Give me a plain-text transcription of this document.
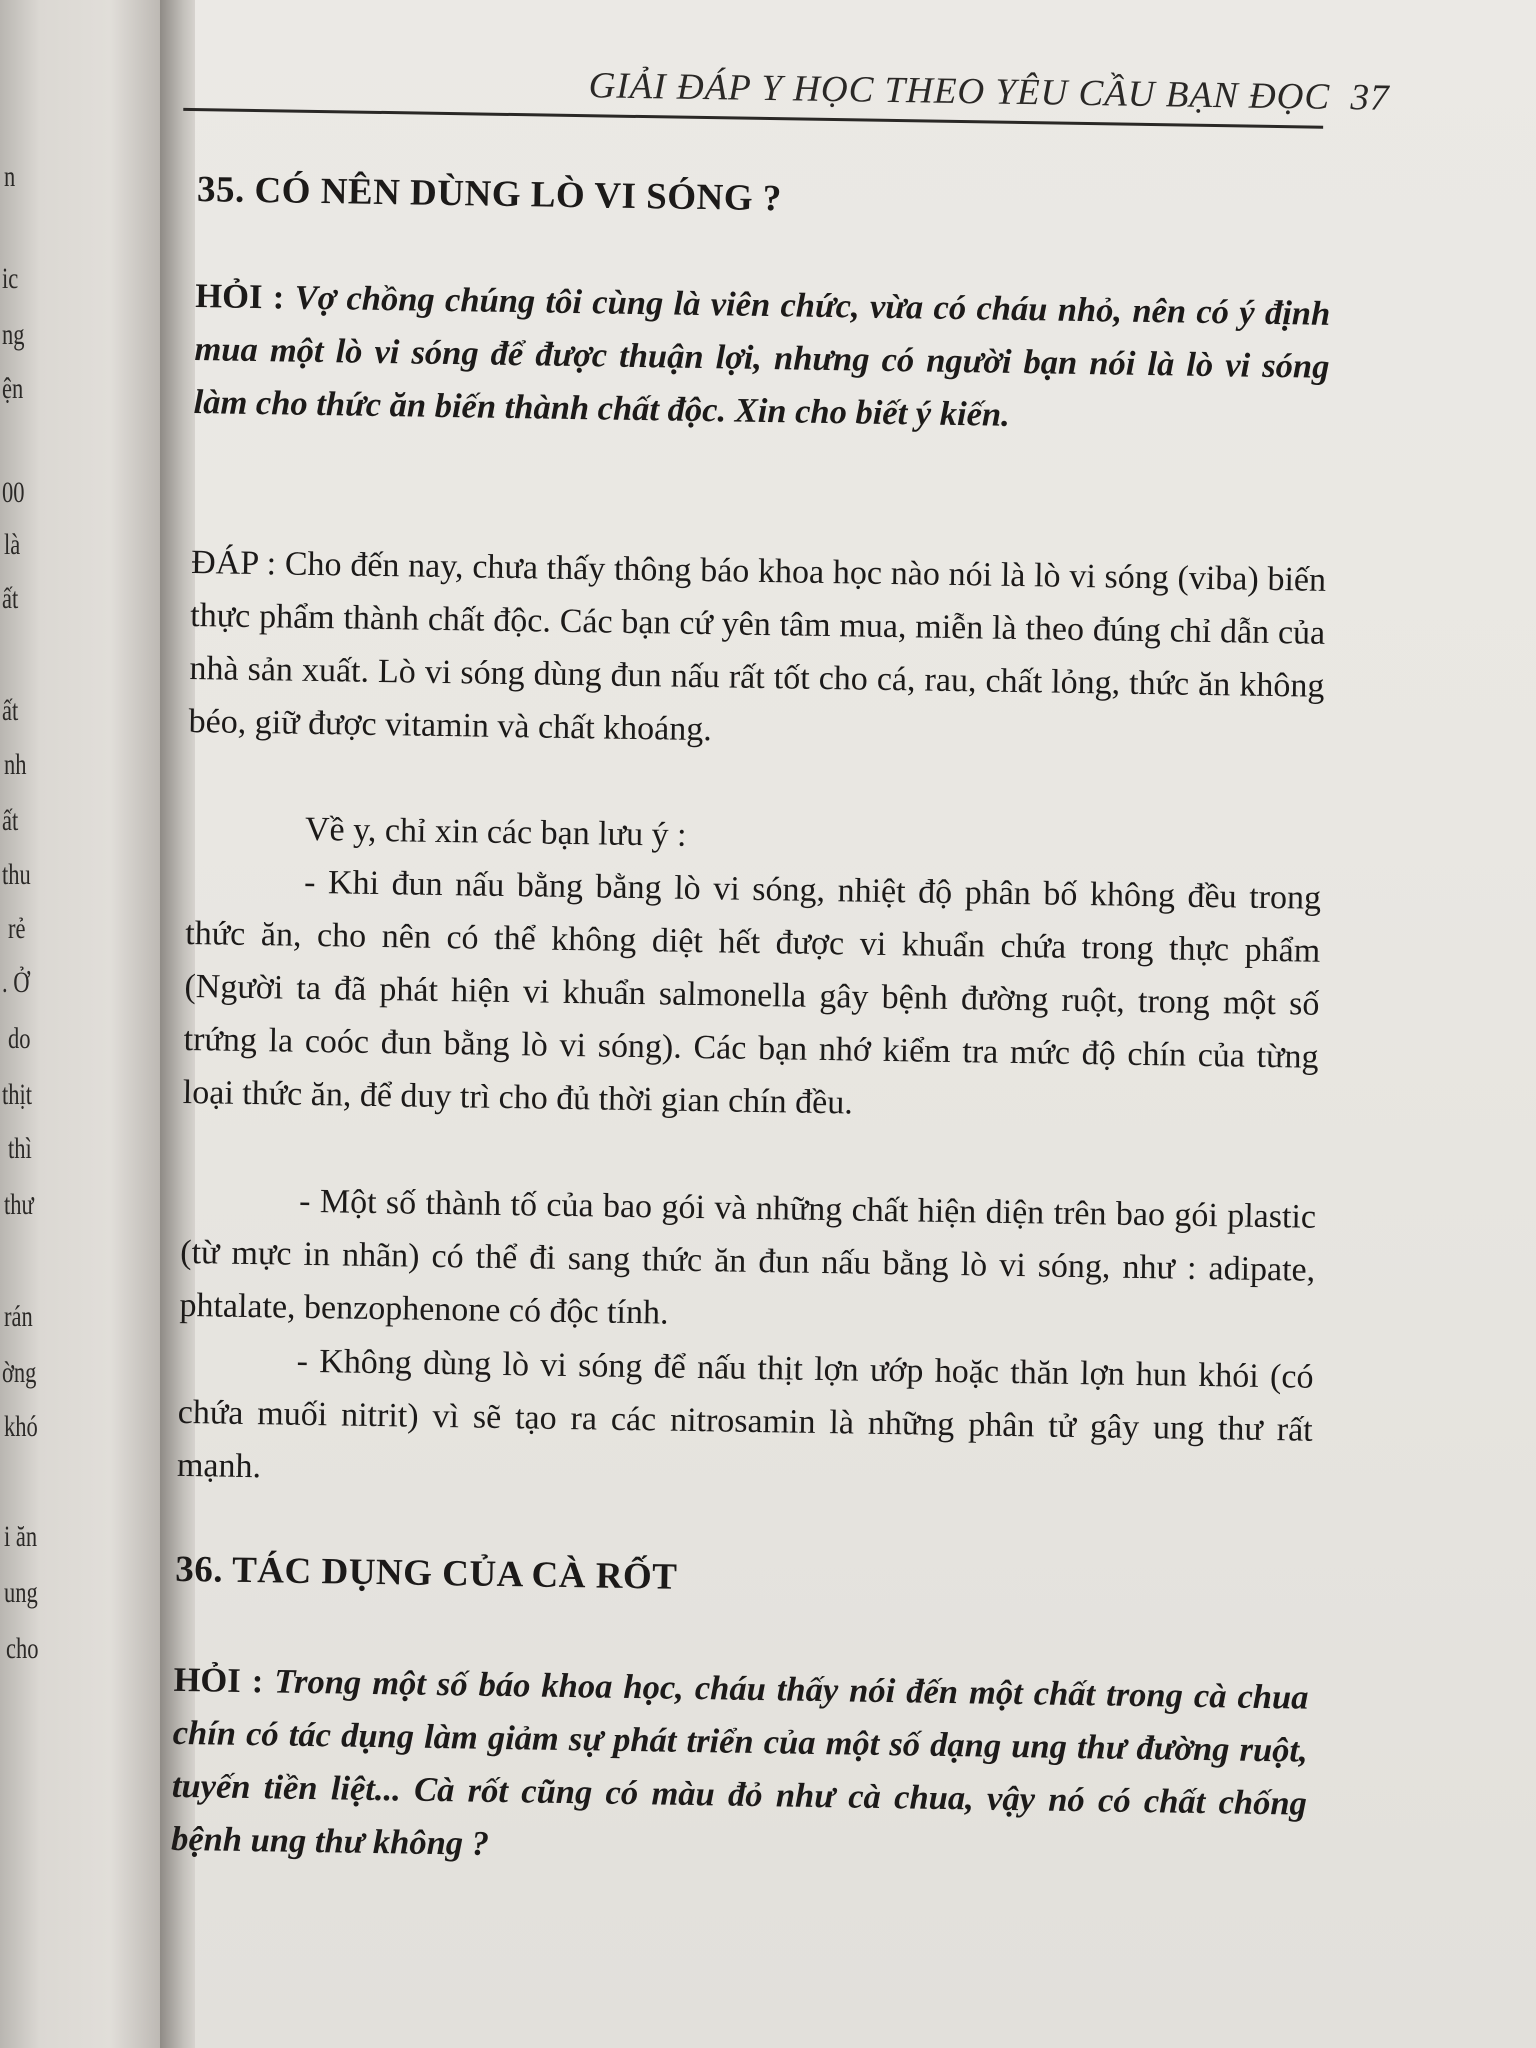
n
ic
ng
ện
00
là
ất
ất
nh
ất
thu
rẻ
. Ở
do
thịt
thì
thư
rán
ờng
khó
i ăn
ung
cho
GIẢI ĐÁP Y HỌC THEO YÊU CẦU BẠN ĐỌC 37
35. CÓ NÊN DÙNG LÒ VI SÓNG ?
HỎI : Vợ chồng chúng tôi cùng là viên chức, vừa có cháu nhỏ, nên có ý định mua một lò vi sóng để được thuận lợi, nhưng có người bạn nói là lò vi sóng làm cho thức ăn biến thành chất độc. Xin cho biết ý kiến.
ĐÁP : Cho đến nay, chưa thấy thông báo khoa học nào nói là lò vi sóng (viba) biến thực phẩm thành chất độc. Các bạn cứ yên tâm mua, miễn là theo đúng chỉ dẫn của nhà sản xuất. Lò vi sóng dùng đun nấu rất tốt cho cá, rau, chất lỏng, thức ăn không béo, giữ được vitamin và chất khoáng.
Về y, chỉ xin các bạn lưu ý :
- Khi đun nấu bằng bằng lò vi sóng, nhiệt độ phân bố không đều trong thức ăn, cho nên có thể không diệt hết được vi khuẩn chứa trong thực phẩm (Người ta đã phát hiện vi khuẩn salmonella gây bệnh đường ruột, trong một số trứng la coóc đun bằng lò vi sóng). Các bạn nhớ kiểm tra mức độ chín của từng loại thức ăn, để duy trì cho đủ thời gian chín đều.
- Một số thành tố của bao gói và những chất hiện diện trên bao gói plastic (từ mực in nhãn) có thể đi sang thức ăn đun nấu bằng lò vi sóng, như : adipate, phtalate, benzophenone có độc tính.
- Không dùng lò vi sóng để nấu thịt lợn ướp hoặc thăn lợn hun khói (có chứa muối nitrit) vì sẽ tạo ra các nitrosamin là những phân tử gây ung thư rất mạnh.
36. TÁC DỤNG CỦA CÀ RỐT
HỎI : Trong một số báo khoa học, cháu thấy nói đến một chất trong cà chua chín có tác dụng làm giảm sự phát triển của một số dạng ung thư đường ruột, tuyến tiền liệt... Cà rốt cũng có màu đỏ như cà chua, vậy nó có chất chống bệnh ung thư không ?
